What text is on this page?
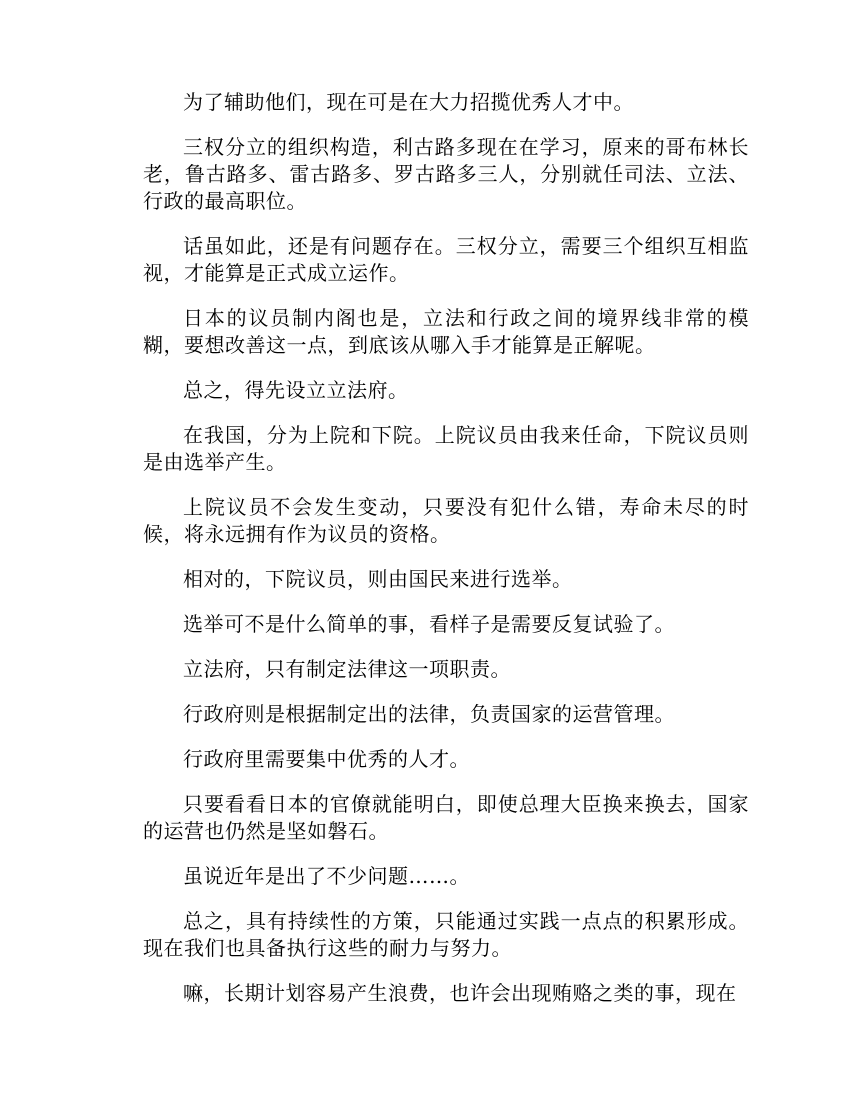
为了辅助他们，现在可是在大力招揽优秀人才中。

三权分立的组织构造，利古路多现在在学习，原来的哥布林长老，鲁古路多、雷古路多、罗古路多三人，分别就任司法、立法、行政的最高职位。

话虽如此，还是有问题存在。三权分立，需要三个组织互相监视，才能算是正式成立运作。

日本的议员制内阁也是，立法和行政之间的境界线非常的模糊，要想改善这一点，到底该从哪入手才能算是正解呢。

总之，得先设立立法府。

在我国，分为上院和下院。上院议员由我来任命，下院议员则是由选举产生。

上院议员不会发生变动，只要没有犯什么错，寿命未尽的时候，将永远拥有作为议员的资格。

相对的，下院议员，则由国民来进行选举。

选举可不是什么简单的事，看样子是需要反复试验了。

立法府，只有制定法律这一项职责。

行政府则是根据制定出的法律，负责国家的运营管理。

行政府里需要集中优秀的人才。

只要看看日本的官僚就能明白，即使总理大臣换来换去，国家的运营也仍然是坚如磐石。

虽说近年是出了不少问题……。

总之，具有持续性的方策，只能通过实践一点点的积累形成。现在我们也具备执行这些的耐力与努力。

嘛，长期计划容易产生浪费，也许会出现贿赂之类的事，现在
